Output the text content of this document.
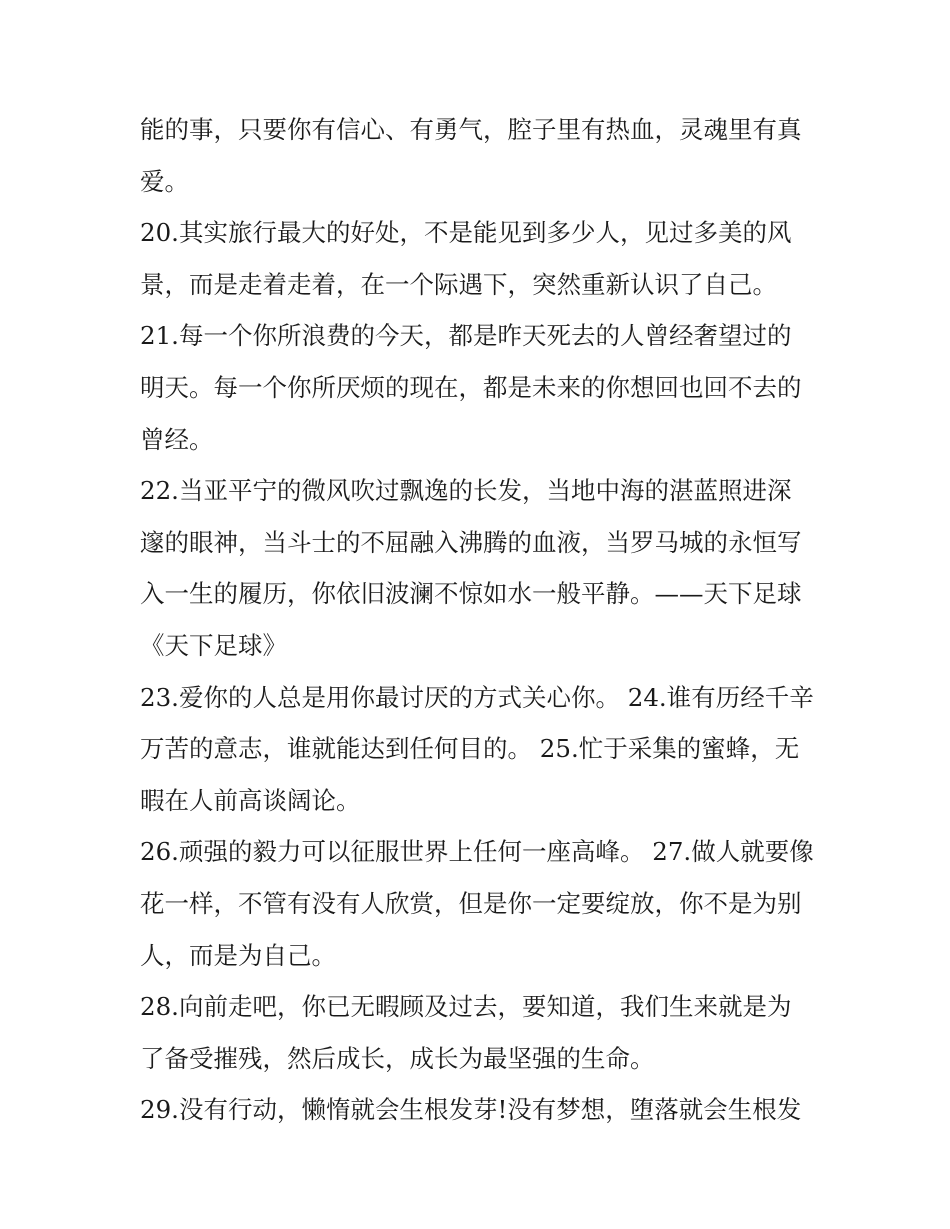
能的事，只要你有信心、有勇气，腔子里有热血，灵魂里有真
爱。
20.其实旅行最大的好处，不是能见到多少人，见过多美的风
景，而是走着走着，在一个际遇下，突然重新认识了自己。
21.每一个你所浪费的今天，都是昨天死去的人曾经奢望过的
明天。每一个你所厌烦的现在，都是未来的你想回也回不去的
曾经。
22.当亚平宁的微风吹过飘逸的长发，当地中海的湛蓝照进深
邃的眼神，当斗士的不屈融入沸腾的血液，当罗马城的永恒写
入一生的履历，你依旧波澜不惊如水一般平静。——天下足球
《天下足球》
23.爱你的人总是用你最讨厌的方式关心你。 24.谁有历经千辛
万苦的意志，谁就能达到任何目的。 25.忙于采集的蜜蜂，无
暇在人前高谈阔论。
26.顽强的毅力可以征服世界上任何一座高峰。 27.做人就要像
花一样，不管有没有人欣赏，但是你一定要绽放，你不是为别
人，而是为自己。
28.向前走吧，你已无暇顾及过去，要知道，我们生来就是为
了备受摧残，然后成长，成长为最坚强的生命。
29.没有行动，懒惰就会生根发芽!没有梦想，堕落就会生根发
